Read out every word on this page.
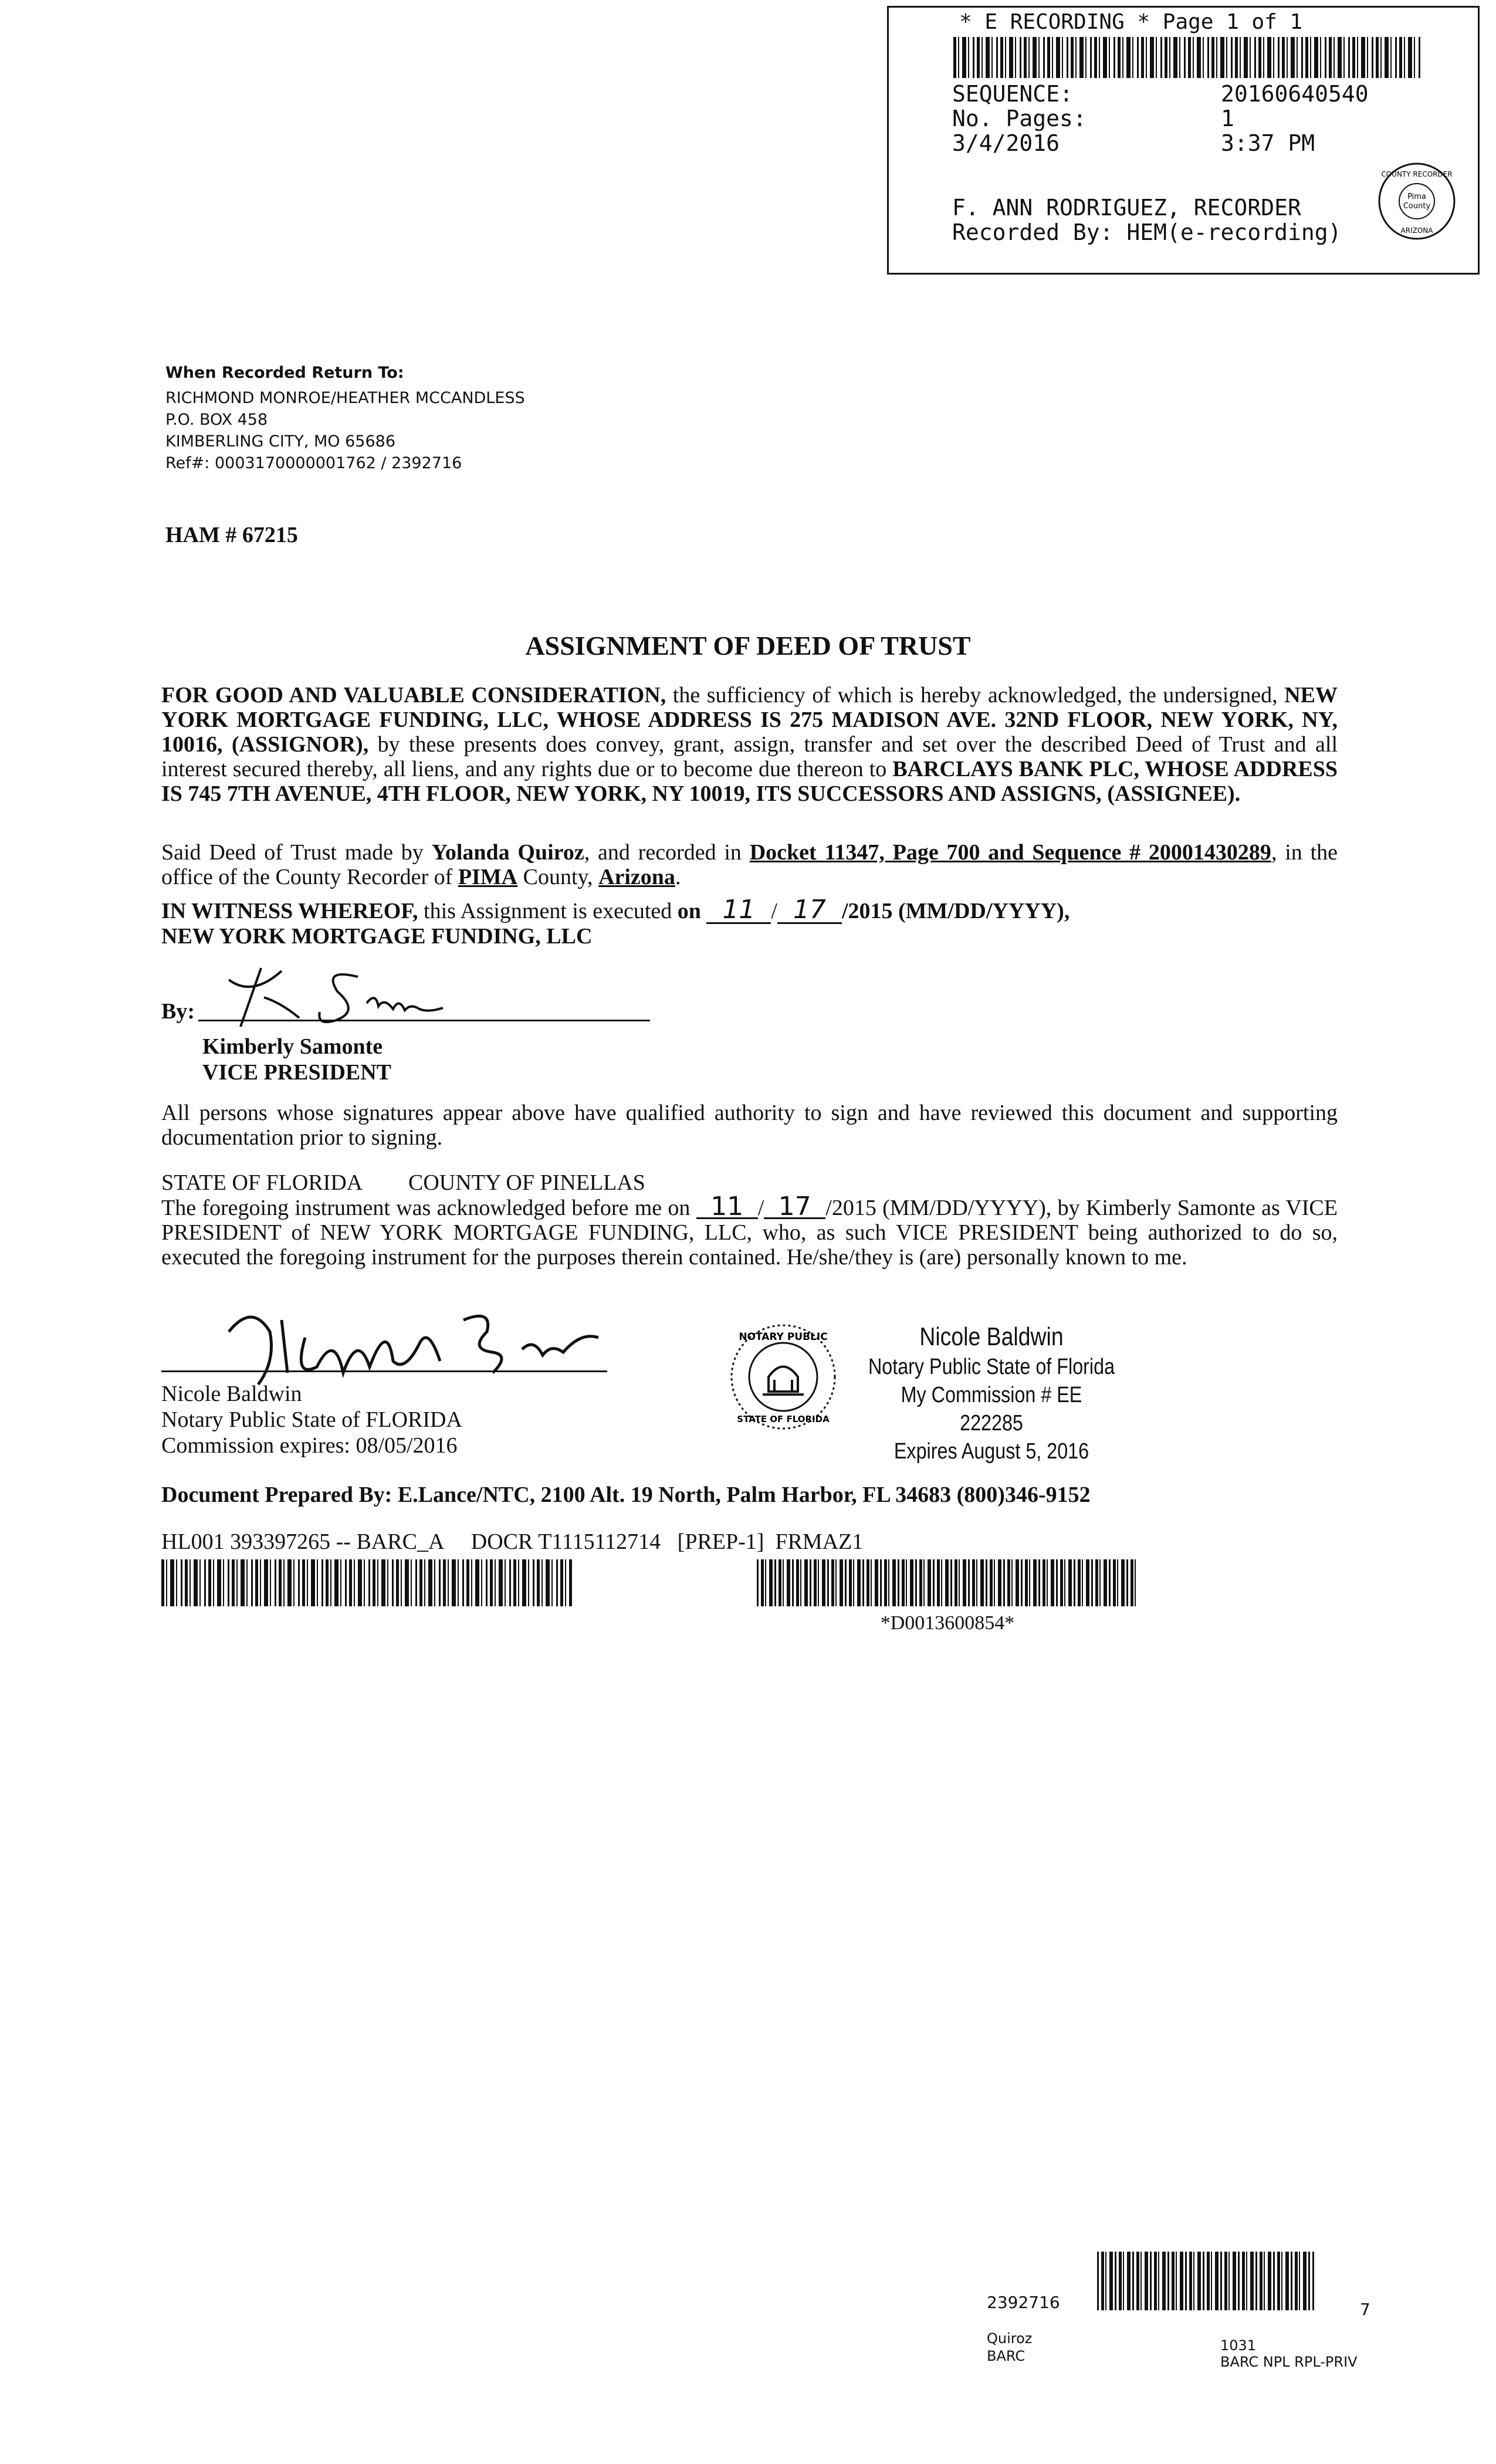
* E RECORDING * Page 1 of 1
SEQUENCE:	20160640540
No. Pages:	1
3/4/2016	3:37 PM
F. ANN RODRIGUEZ, RECORDER
Recorded By: HEM(e-recording)
Pima
County
COUNTY RECORDER
ARIZONA
When Recorded Return To:
RICHMOND MONROE/HEATHER MCCANDLESS
P.O. BOX 458
KIMBERLING CITY, MO 65686
Ref#: 0003170000001762 / 2392716
HAM # 67215
ASSIGNMENT OF DEED OF TRUST
FOR GOOD AND VALUABLE CONSIDERATION, the sufficiency of which is hereby acknowledged, the undersigned, NEW YORK MORTGAGE FUNDING, LLC, WHOSE ADDRESS IS 275 MADISON AVE. 32ND FLOOR, NEW YORK, NY, 10016, (ASSIGNOR), by these presents does convey, grant, assign, transfer and set over the described Deed of Trust and all interest secured thereby, all liens, and any rights due or to become due thereon to BARCLAYS BANK PLC, WHOSE ADDRESS IS 745 7TH AVENUE, 4TH FLOOR, NEW YORK, NY 10019, ITS SUCCESSORS AND ASSIGNS, (ASSIGNEE).
Said Deed of Trust made by Yolanda Quiroz, and recorded in Docket 11347, Page 700 and Sequence # 20001430289, in the office of the County Recorder of PIMA County, Arizona.
IN WITNESS WHEREOF, this Assignment is executed on 11 / 17 /2015 (MM/DD/YYYY),
NEW YORK MORTGAGE FUNDING, LLC
By:
Kimberly Samonte
VICE PRESIDENT
All persons whose signatures appear above have qualified authority to sign and have reviewed this document and supporting documentation prior to signing.
STATE OF FLORIDA COUNTY OF PINELLAS
The foregoing instrument was acknowledged before me on 11 / 17 /2015 (MM/DD/YYYY), by Kimberly Samonte as VICE PRESIDENT of NEW YORK MORTGAGE FUNDING, LLC, who, as such VICE PRESIDENT being authorized to do so, executed the foregoing instrument for the purposes therein contained. He/she/they is (are) personally known to me.
Nicole Baldwin
Notary Public State of FLORIDA
Commission expires: 08/05/2016
NOTARY PUBLIC
STATE OF FLORIDA
Nicole Baldwin
Notary Public State of Florida
My Commission # EE 222285
Expires August 5, 2016
Document Prepared By: E.Lance/NTC, 2100 Alt. 19 North, Palm Harbor, FL 34683 (800)346-9152
HL001 393397265 -- BARC_A     DOCR T1115112714   [PREP-1]  FRMAZ1
*D0013600854*
2392716	7
Quiroz
BARC
1031
BARC NPL RPL-PRIV
